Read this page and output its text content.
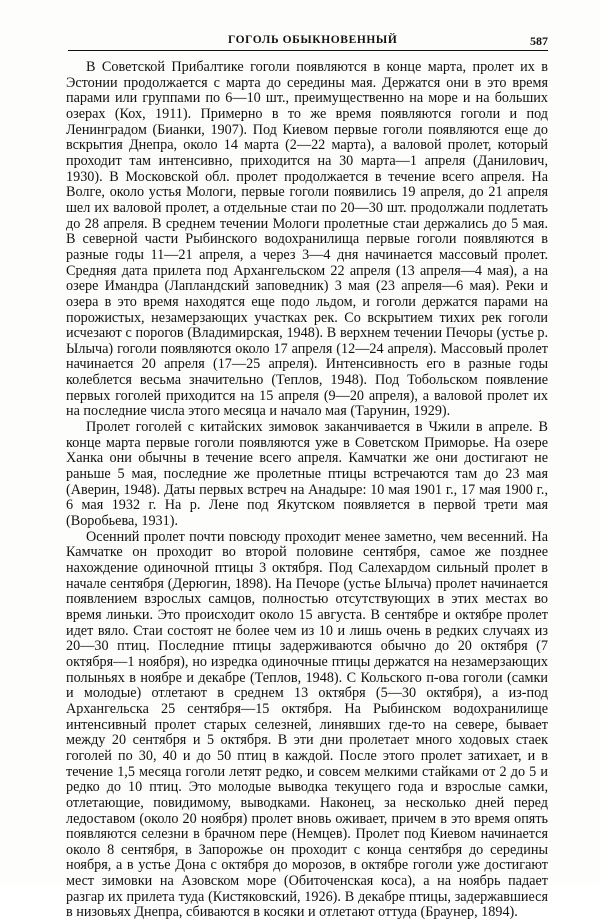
ГОГОЛЬ ОБЫКНОВЕННЫЙ	587

В Советской Прибалтике гоголи появляются в конце марта, пролет их в Эстонии продолжается с марта до середины мая. Держатся они в это время парами или группами по 6—10 шт., преимущественно на море и на больших озерах (Кох, 1911). Примерно в то же время появляются гоголи и под Ленинградом (Бианки, 1907). Под Киевом первые гоголи появляются еще до вскрытия Днепра, около 14 марта (2—22 марта), а валовой пролет, который проходит там интенсивно, приходится на 30 марта—1 апреля (Данилович, 1930). В Московской обл. пролет продолжается в течение всего апреля. На Волге, около устья Мологи, первые гоголи появились 19 апреля, до 21 апреля шел их валовой пролет, а отдельные стаи по 20—30 шт. продолжали подлетать до 28 апреля. В среднем течении Мологи пролетные стаи держались до 5 мая. В северной части Рыбинского водохранилища первые гоголи появляются в разные годы 11—21 апреля, а через 3—4 дня начинается массовый пролет. Средняя дата прилета под Архангельском 22 апреля (13 апреля—4 мая), а на озере Имандра (Лапландский заповедник) 3 мая (23 апреля—6 мая). Реки и озера в это время находятся еще подо льдом, и гоголи держатся парами на порожистых, незамерзающих участках рек. Со вскрытием тихих рек гоголи исчезают с порогов (Владимирская, 1948). В верхнем течении Печоры (устье р. Ылыча) гоголи появляются около 17 апреля (12—24 апреля). Массовый пролет начинается 20 апреля (17—25 апреля). Интенсивность его в разные годы колеблется весьма значительно (Теплов, 1948). Под Тобольском появление первых гоголей приходится на 15 апреля (9—20 апреля), а валовой пролет их на последние числа этого месяца и начало мая (Тарунин, 1929).

Пролет гоголей с китайских зимовок заканчивается в Чжили в апреле. В конце марта первые гоголи появляются уже в Советском Приморье. На озере Ханка они обычны в течение всего апреля. Камчатки же они достигают не раньше 5 мая, последние же пролетные птицы встречаются там до 23 мая (Аверин, 1948). Даты первых встреч на Анадыре: 10 мая 1901 г., 17 мая 1900 г., 6 мая 1932 г. На р. Лене под Якутском появляется в первой трети мая (Воробьева, 1931).

Осенний пролет почти повсюду проходит менее заметно, чем весенний. На Камчатке он проходит во второй половине сентября, самое же позднее нахождение одиночной птицы 3 октября. Под Салехардом сильный пролет в начале сентября (Дерюгин, 1898). На Печоре (устье Ылыча) пролет начинается появлением взрослых самцов, полностью отсутствующих в этих местах во время линьки. Это происходит около 15 августа. В сентябре и октябре пролет идет вяло. Стаи состоят не более чем из 10 и лишь очень в редких случаях из 20—30 птиц. Последние птицы задерживаются обычно до 20 октября (7 октября—1 ноября), но изредка одиночные птицы держатся на незамерзающих полыньях в ноябре и декабре (Теплов, 1948). С Кольского п-ова гоголи (самки и молодые) отлетают в среднем 13 октября (5—30 октября), а из-под Архангельска 25 сентября—15 октября. На Рыбинском водохранилище интенсивный пролет старых селезней, линявших где-то на севере, бывает между 20 сентября и 5 октября. В эти дни пролетает много ходовых стаек гоголей по 30, 40 и до 50 птиц в каждой. После этого пролет затихает, и в течение 1,5 месяца гоголи летят редко, и совсем мелкими стайками от 2 до 5 и редко до 10 птиц. Это молодые выводка текущего года и взрослые самки, отлетающие, повидимому, выводками. Наконец, за несколько дней перед ледоставом (около 20 ноября) пролет вновь оживает, причем в это время опять появляются селезни в брачном пере (Немцев). Пролет под Киевом начинается около 8 сентября, в Запорожье он проходит с конца сентября до середины ноября, а в устье Дона с октября до морозов, в октябре гоголи уже достигают мест зимовки на Азовском море (Обиточенская коса), а на ноябрь падает разгар их прилета туда (Кистяковский, 1926). В декабре птицы, задержавшиеся в низовьях Днепра, сбиваются в косяки и отлетают оттуда (Браунер, 1894).
